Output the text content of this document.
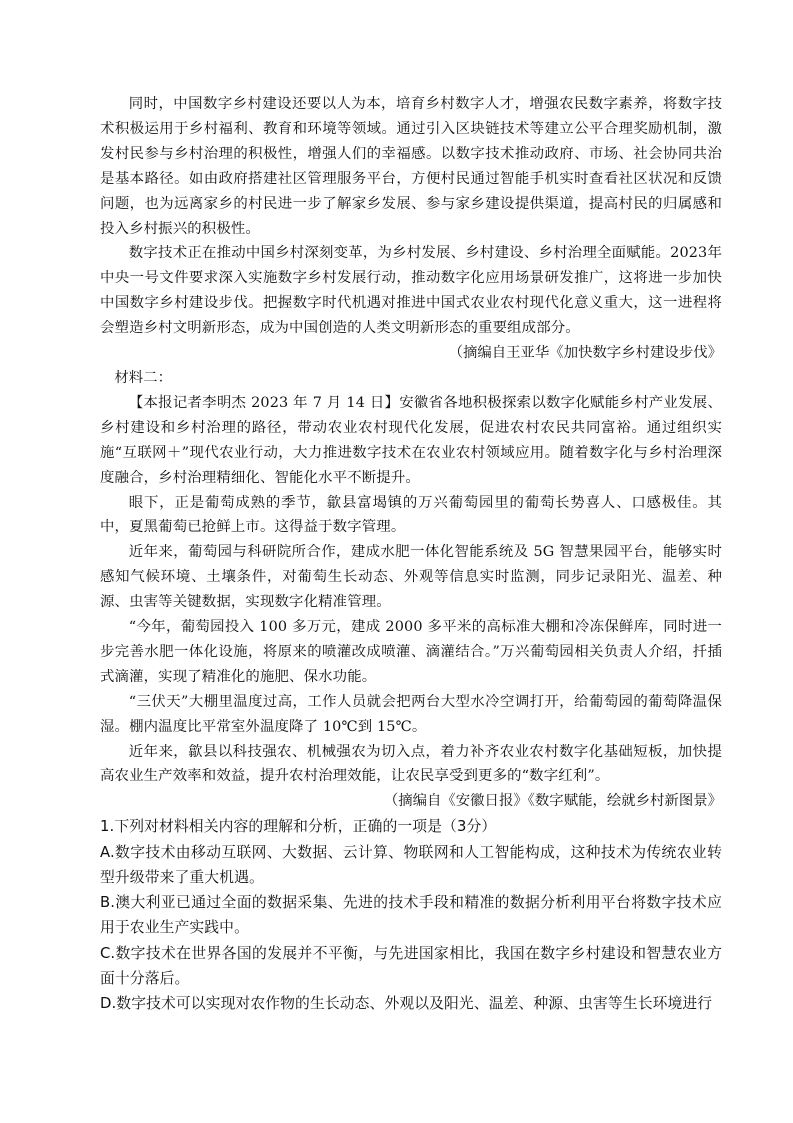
同时，中国数字乡村建设还要以人为本，培育乡村数字人才，增强农民数字素养，将数字技术积极运用于乡村福利、教育和环境等领域。通过引入区块链技术等建立公平合理奖励机制，激发村民参与乡村治理的积极性，增强人们的幸福感。以数字技术推动政府、市场、社会协同共治是基本路径。如由政府搭建社区管理服务平台，方便村民通过智能手机实时查看社区状况和反馈问题，也为远离家乡的村民进一步了解家乡发展、参与家乡建设提供渠道，提高村民的归属感和投入乡村振兴的积极性。

数字技术正在推动中国乡村深刻变革，为乡村发展、乡村建设、乡村治理全面赋能。2023年中央一号文件要求深入实施数字乡村发展行动，推动数字化应用场景研发推广，这将进一步加快中国数字乡村建设步伐。把握数字时代机遇对推进中国式农业农村现代化意义重大，这一进程将会塑造乡村文明新形态，成为中国创造的人类文明新形态的重要组成部分。

（摘编自王亚华《加快数字乡村建设步伐》

材料二：

【本报记者李明杰 2023 年 7 月 14 日】安徽省各地积极探索以数字化赋能乡村产业发展、乡村建设和乡村治理的路径，带动农业农村现代化发展，促进农村农民共同富裕。通过组织实施“互联网＋”现代农业行动，大力推进数字技术在农业农村领域应用。随着数字化与乡村治理深度融合，乡村治理精细化、智能化水平不断提升。

眼下，正是葡萄成熟的季节，歙县富堨镇的万兴葡萄园里的葡萄长势喜人、口感极佳。其中，夏黑葡萄已抢鲜上市。这得益于数字管理。

近年来，葡萄园与科研院所合作，建成水肥一体化智能系统及 5G 智慧果园平台，能够实时感知气候环境、土壤条件，对葡萄生长动态、外观等信息实时监测，同步记录阳光、温差、种源、虫害等关键数据，实现数字化精准管理。

“今年，葡萄园投入 100 多万元，建成 2000 多平米的高标准大棚和冷冻保鲜库，同时进一步完善水肥一体化设施，将原来的喷灌改成喷灌、滴灌结合。”万兴葡萄园相关负责人介绍，扦插式滴灌，实现了精准化的施肥、保水功能。

“三伏天”大棚里温度过高，工作人员就会把两台大型水冷空调打开，给葡萄园的葡萄降温保湿。棚内温度比平常室外温度降了 10℃到 15℃。

近年来，歙县以科技强农、机械强农为切入点，着力补齐农业农村数字化基础短板，加快提高农业生产效率和效益，提升农村治理效能，让农民享受到更多的“数字红利”。

（摘编自《安徽日报》《数字赋能，绘就乡村新图景》

1.下列对材料相关内容的理解和分析，正确的一项是（3分）

A.数字技术由移动互联网、大数据、云计算、物联网和人工智能构成，这种技术为传统农业转型升级带来了重大机遇。

B.澳大利亚已通过全面的数据采集、先进的技术手段和精准的数据分析利用平台将数字技术应用于农业生产实践中。

C.数字技术在世界各国的发展并不平衡，与先进国家相比，我国在数字乡村建设和智慧农业方面十分落后。

D.数字技术可以实现对农作物的生长动态、外观以及阳光、温差、种源、虫害等生长环境进行
